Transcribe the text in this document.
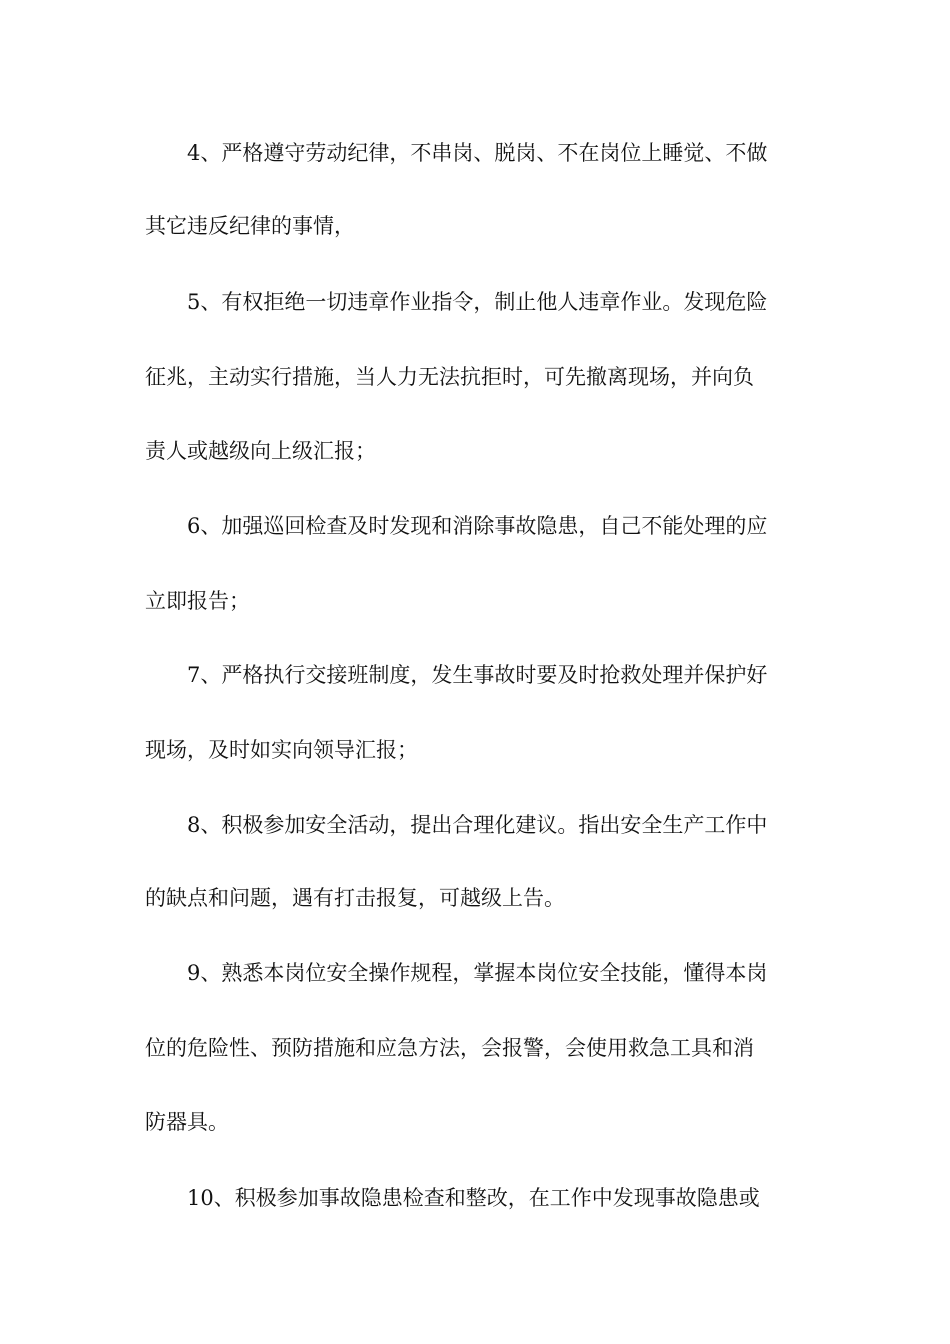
4、严格遵守劳动纪律，不串岗、脱岗、不在岗位上睡觉、不做
其它违反纪律的事情，
5、有权拒绝一切违章作业指令，制止他人违章作业。发现危险
征兆，主动实行措施，当人力无法抗拒时，可先撤离现场，并向负
责人或越级向上级汇报；
6、加强巡回检查及时发现和消除事故隐患，自己不能处理的应
立即报告；
7、严格执行交接班制度，发生事故时要及时抢救处理并保护好
现场，及时如实向领导汇报；
8、积极参加安全活动，提出合理化建议。指出安全生产工作中
的缺点和问题，遇有打击报复，可越级上告。
9、熟悉本岗位安全操作规程，掌握本岗位安全技能，懂得本岗
位的危险性、预防措施和应急方法，会报警，会使用救急工具和消
防器具。
10、积极参加事故隐患检查和整改，在工作中发现事故隐患或
